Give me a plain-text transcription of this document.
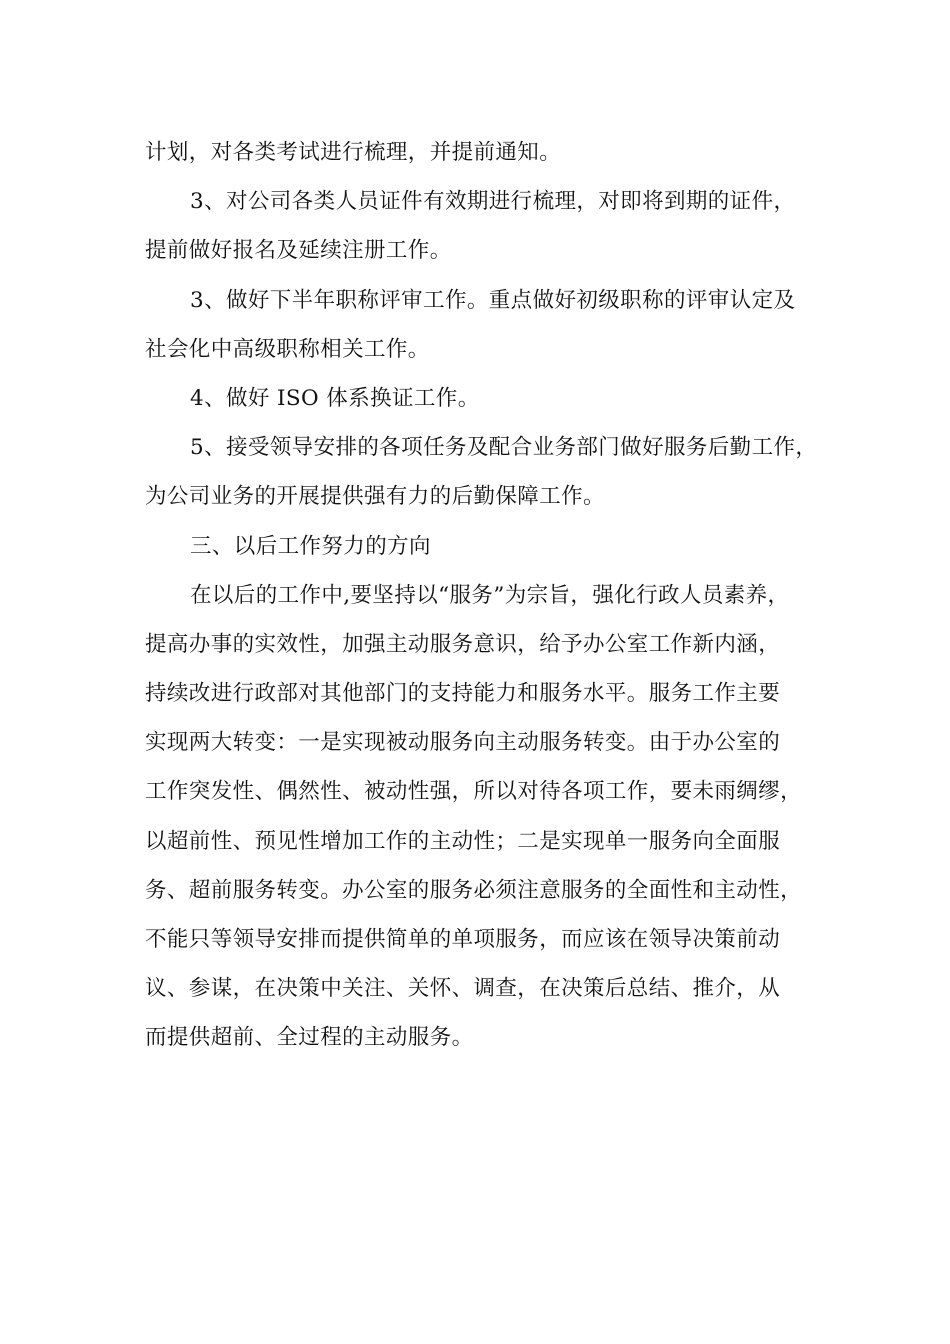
计划，对各类考试进行梳理，并提前通知。
3、对公司各类人员证件有效期进行梳理，对即将到期的证件，
提前做好报名及延续注册工作。
3、做好下半年职称评审工作。重点做好初级职称的评审认定及
社会化中高级职称相关工作。
4、做好 ISO 体系换证工作。
5、接受领导安排的各项任务及配合业务部门做好服务后勤工作，
为公司业务的开展提供强有力的后勤保障工作。
三、以后工作努力的方向
在以后的工作中,要坚持以“服务”为宗旨，强化行政人员素养，
提高办事的实效性，加强主动服务意识，给予办公室工作新内涵，
持续改进行政部对其他部门的支持能力和服务水平。服务工作主要
实现两大转变：一是实现被动服务向主动服务转变。由于办公室的
工作突发性、偶然性、被动性强，所以对待各项工作，要未雨绸缪，
以超前性、预见性增加工作的主动性；二是实现单一服务向全面服
务、超前服务转变。办公室的服务必须注意服务的全面性和主动性，
不能只等领导安排而提供简单的单项服务，而应该在领导决策前动
议、参谋，在决策中关注、关怀、调查，在决策后总结、推介，从
而提供超前、全过程的主动服务。
